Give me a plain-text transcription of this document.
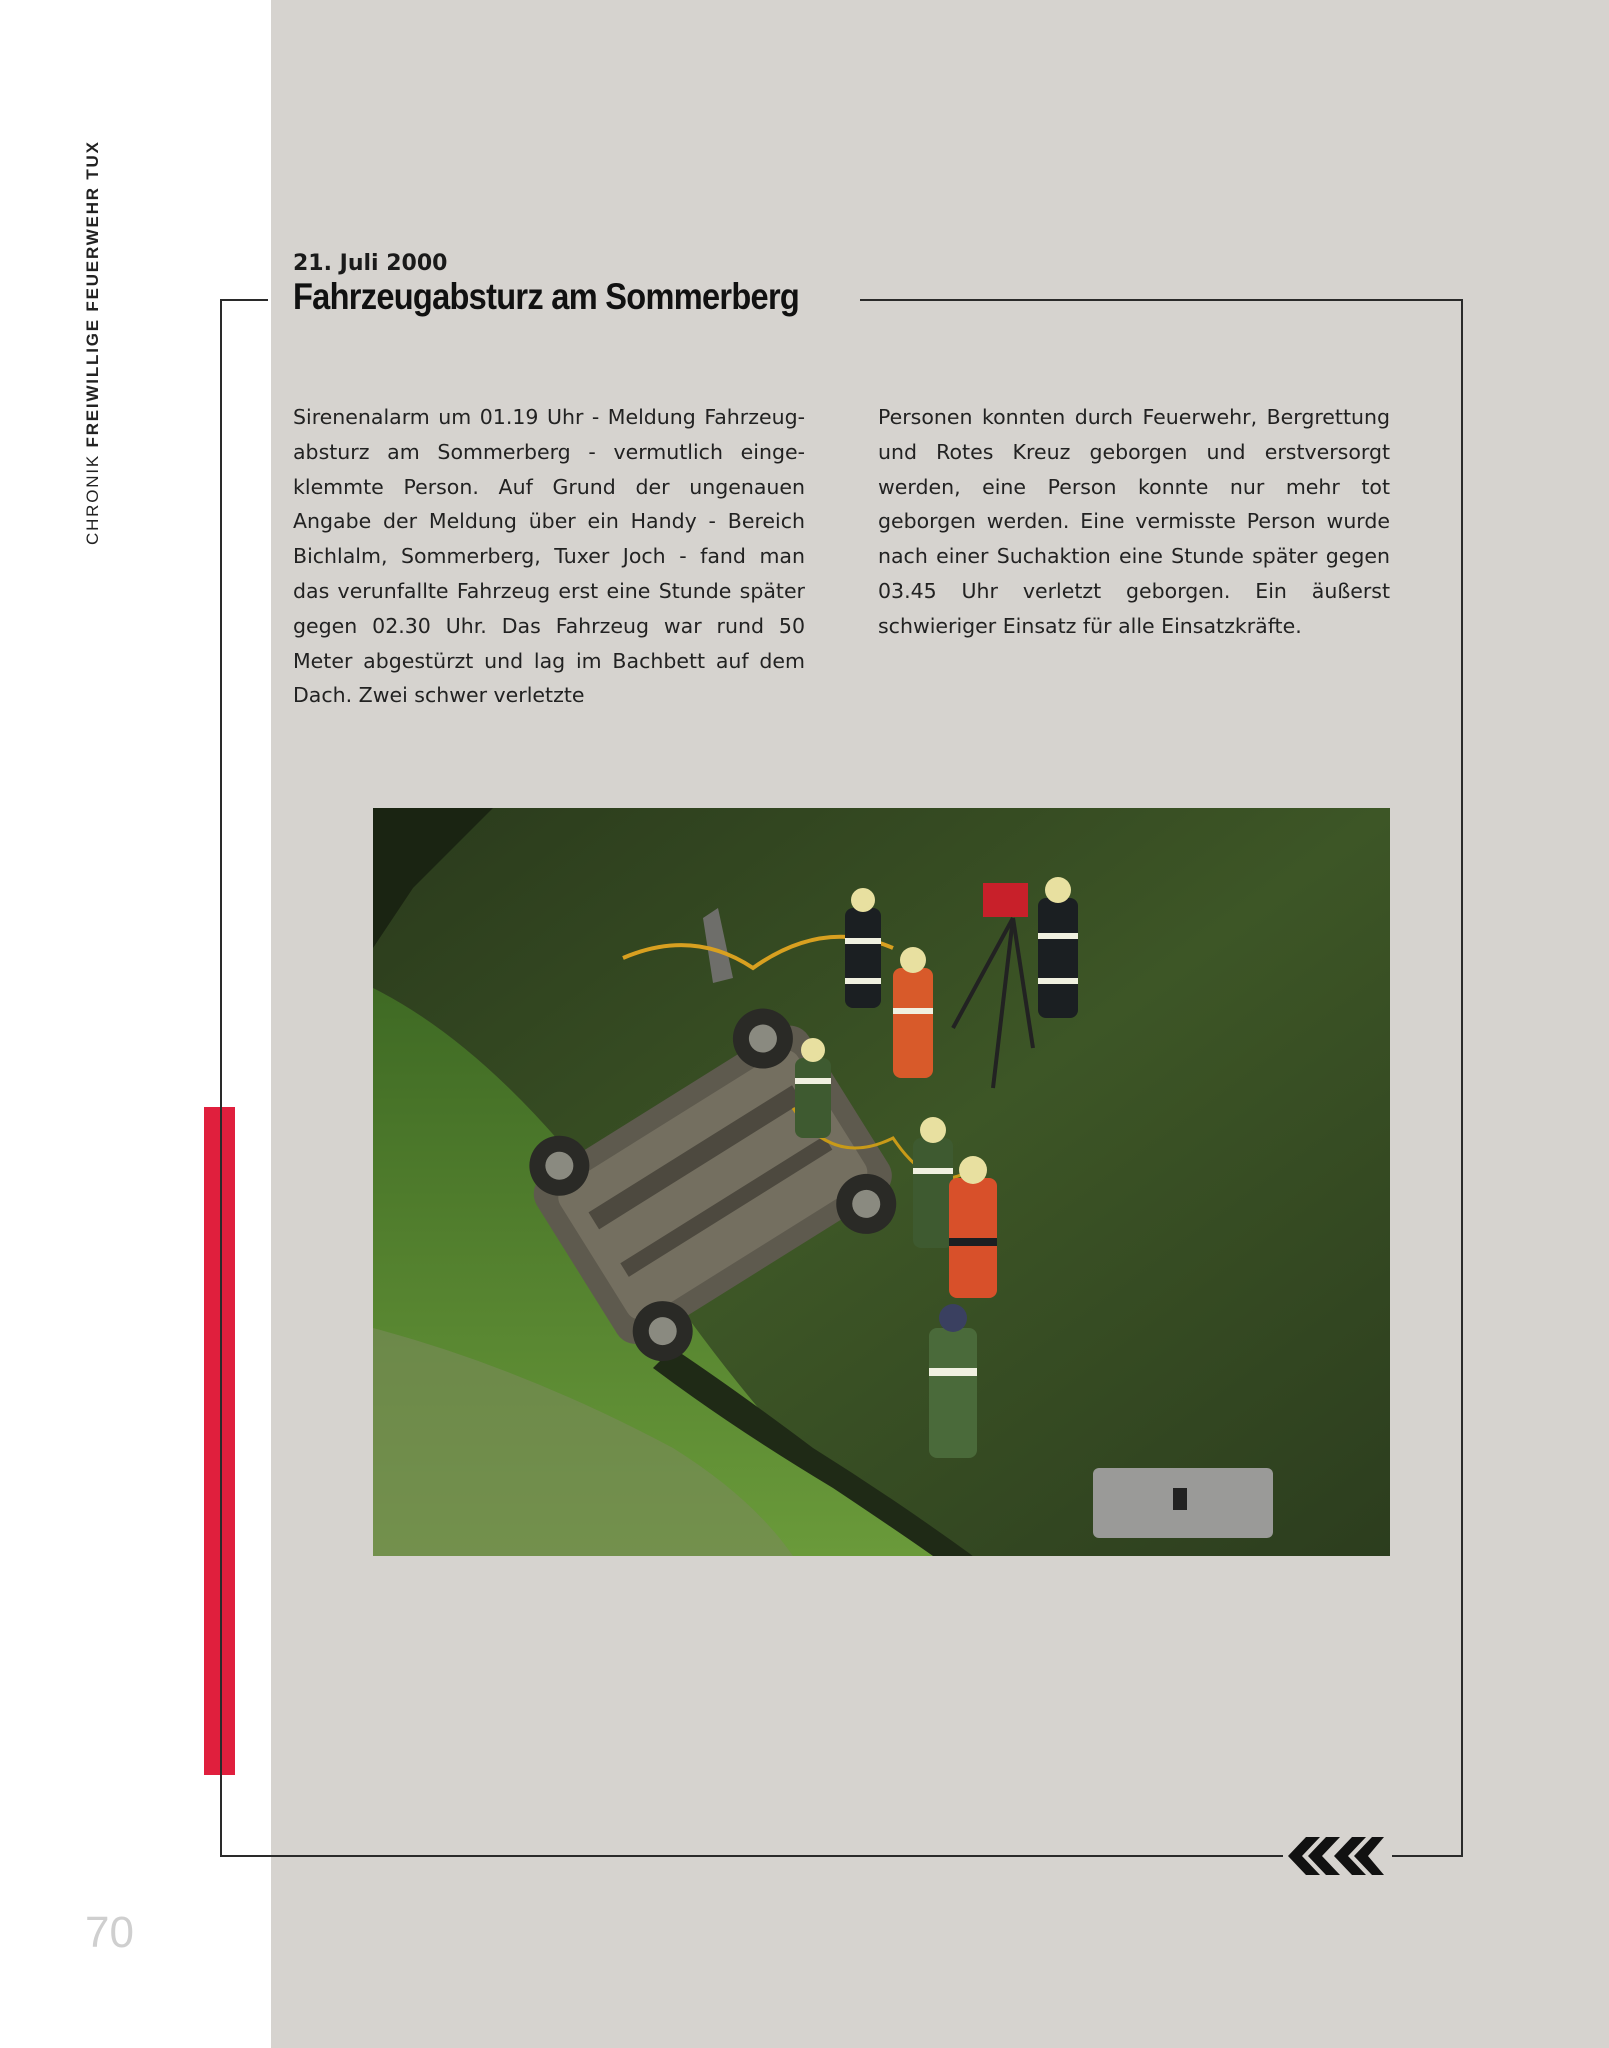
CHRONIK FREIWILLIGE FEUERWEHR TUX
70
21. Juli 2000
Fahrzeugabsturz am Sommerberg
Sirenenalarm um 01.19 Uhr - Meldung Fahrzeugabsturz am Sommerberg - vermutlich eingeklemmte Person. Auf Grund der ungenauen Angabe der Meldung über ein Handy - Bereich Bichlalm, Sommerberg, Tuxer Joch - fand man das verunfallte Fahrzeug erst eine Stunde später gegen 02.30 Uhr. Das Fahrzeug war rund 50 Meter abgestürzt und lag im Bachbett auf dem Dach. Zwei schwer verletzte
Personen konnten durch Feuerwehr, Bergrettung und Rotes Kreuz geborgen und erstversorgt werden, eine Person konnte nur mehr tot geborgen werden. Eine vermisste Person wurde nach einer Suchaktion eine Stunde später gegen 03.45 Uhr verletzt geborgen. Ein äußerst schwieriger Einsatz für alle Einsatzkräfte.
